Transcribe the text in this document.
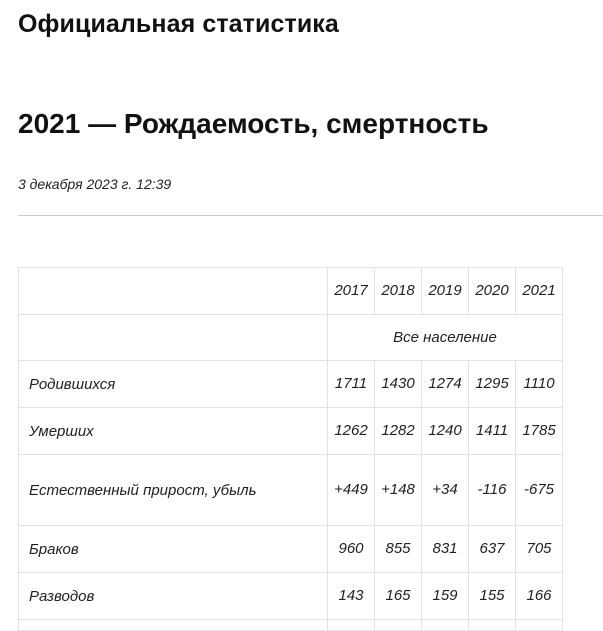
Официальная статистика
2021 — Рождаемость, смертность
3 декабря 2023 г. 12:39
	2017	2018	2019	2020	2021
	Все население				
Родившихся	1711	1430	1274	1295	1110
Умерших	1262	1282	1240	1411	1785
Естественный прирост, убыль	+449	+148	+34	-116	-675
Браков	960	855	831	637	705
Разводов	143	165	159	155	166
